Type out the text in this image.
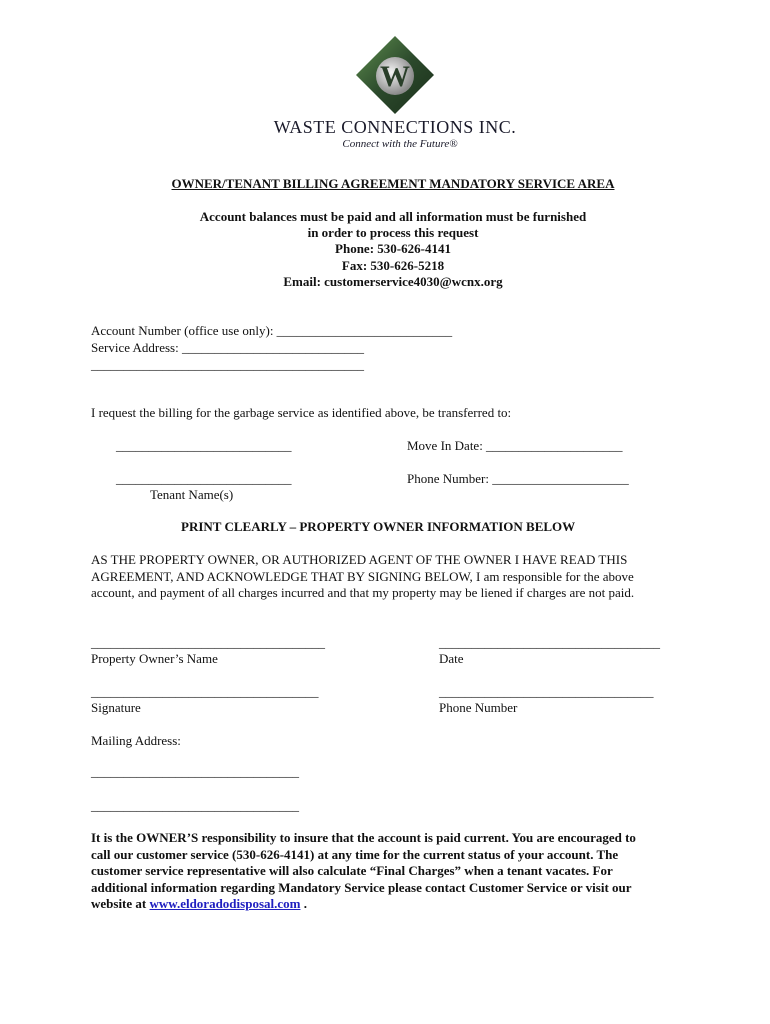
W
WASTE CONNECTIONS INC.
Connect with the Future®
OWNER/TENANT BILLING AGREEMENT MANDATORY SERVICE AREA
Account balances must be paid and all information must be furnished
in order to process this request
Phone: 530-626-4141
Fax: 530-626-5218
Email: customerservice4030@wcnx.org
Account Number (office use only): ___________________________
Service Address: ____________________________
__________________________________________
I request the billing for the garbage service as identified above, be transferred to:
___________________________	Move In Date: _____________________
___________________________	Phone Number: _____________________
Tenant Name(s)
PRINT CLEARLY – PROPERTY OWNER INFORMATION BELOW
AS THE PROPERTY OWNER, OR AUTHORIZED AGENT OF THE OWNER I HAVE READ THIS
AGREEMENT, AND ACKNOWLEDGE THAT BY SIGNING BELOW, I am responsible for the above
account, and payment of all charges incurred and that my property may be liened if charges are not paid.
____________________________________
Property Owner’s Name
__________________________________
Date
___________________________________
Signature
_________________________________
Phone Number
Mailing Address:
________________________________
________________________________
It is the OWNER’S responsibility to insure that the account is paid current. You are encouraged to
call our customer service (530-626-4141) at any time for the current status of your account. The
customer service representative will also calculate “Final Charges” when a tenant vacates. For
additional information regarding Mandatory Service please contact Customer Service or visit our
website at www.eldoradodisposal.com .
